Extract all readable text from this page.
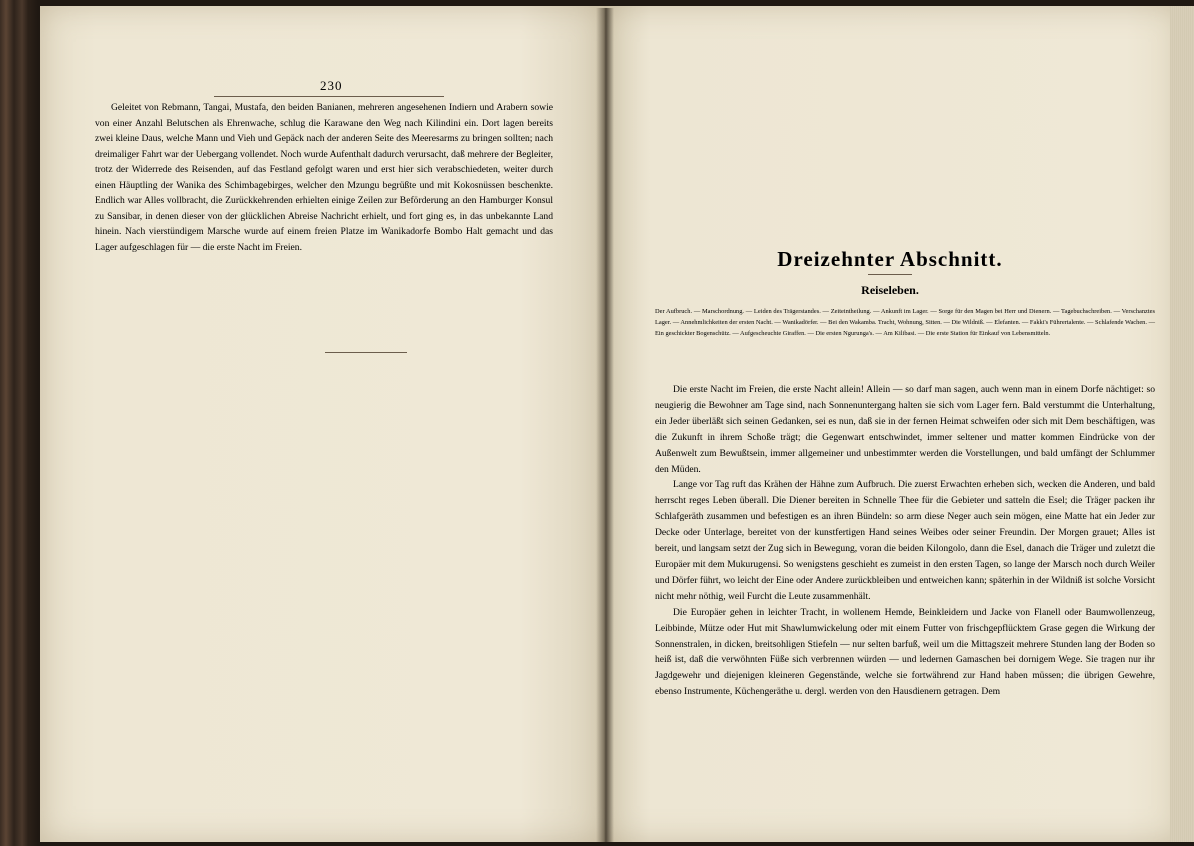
230

Geleitet von Rebmann, Tangai, Mustafa, den beiden Banianen, mehreren angesehenen Indiern und Arabern sowie von einer Anzahl Belutschen als Ehrenwache, schlug die Karawane den Weg nach Kilindini ein. Dort lagen bereits zwei kleine Daus, welche Mann und Vieh und Gepäck nach der anderen Seite des Meeresarms zu bringen sollten; nach dreimaliger Fahrt war der Uebergang vollendet. Noch wurde Aufenthalt dadurch verursacht, daß mehrere der Begleiter, trotz der Widerrede des Reisenden, auf das Festland gefolgt waren und erst hier sich verabschiedeten, weiter durch einen Häuptling der Wanika des Schimbagebirges, welcher den Mzungu begrüßte und mit Kokosnüssen beschenkte. Endlich war Alles vollbracht, die Zurückkehrenden erhielten einige Zeilen zur Beförderung an den Hamburger Konsul zu Sansibar, in denen dieser von der glücklichen Abreise Nachricht erhielt, und fort ging es, in das unbekannte Land hinein. Nach vierstündigem Marsche wurde auf einem freien Platze im Wanikadorfe Bombo Halt gemacht und das Lager aufgeschlagen für — die erste Nacht im Freien.	Dreizehnter Abschnitt.
Reiseleben.

Der Aufbruch. — Marschordnung. — Leiden des Trägerstandes. — Zeiteintheilung. — Ankunft im Lager. — Sorge für den Magen bei Herr und Dienern. — Tagebuchschreiben. — Verschanztes Lager. — Annehmlichkeiten der ersten Nacht. — Wanikadörfer. — Bei den Wakamba. Tracht, Wohnung, Sitten. — Die Wildniß. — Elefanten. — Fakki's Führertalente. — Schlafende Wachen. — Ein geschickter Bogenschütz. — Aufgescheuchte Giraffen. — Die ersten Ngurunga's. — Am Kilibasi. — Die erste Station für Einkauf von Lebensmitteln.

Die erste Nacht im Freien, die erste Nacht allein! Allein — so darf man sagen, auch wenn man in einem Dorfe nächtiget: so neugierig die Bewohner am Tage sind, nach Sonnenuntergang halten sie sich vom Lager fern. Bald verstummt die Unterhaltung, ein Jeder überläßt sich seinen Gedanken, sei es nun, daß sie in der fernen Heimat schweifen oder sich mit Dem beschäftigen, was die Zukunft in ihrem Schoße trägt; die Gegenwart entschwindet, immer seltener und matter kommen Eindrücke von der Außenwelt zum Bewußtsein, immer allgemeiner und unbestimmter werden die Vorstellungen, und bald umfängt der Schlummer den Müden.

Lange vor Tag ruft das Krähen der Hähne zum Aufbruch. Die zuerst Erwachten erheben sich, wecken die Anderen, und bald herrscht reges Leben überall. Die Diener bereiten in Schnelle Thee für die Gebieter und satteln die Esel; die Träger packen ihr Schlafgeräth zusammen und befestigen es an ihren Bündeln: so arm diese Neger auch sein mögen, eine Matte hat ein Jeder zur Decke oder Unterlage, bereitet von der kunstfertigen Hand seines Weibes oder seiner Freundin. Der Morgen grauet; Alles ist bereit, und langsam setzt der Zug sich in Bewegung, voran die beiden Kilongolo, dann die Esel, danach die Träger und zuletzt die Europäer mit dem Mukurugensi. So wenigstens geschieht es zumeist in den ersten Tagen, so lange der Marsch noch durch Weiler und Dörfer führt, wo leicht der Eine oder Andere zurückbleiben und entweichen kann; späterhin in der Wildniß ist solche Vorsicht nicht mehr nöthig, weil Furcht die Leute zusammenhält.

Die Europäer gehen in leichter Tracht, in wollenem Hemde, Beinkleidern und Jacke von Flanell oder Baumwollenzeug, Leibbinde, Mütze oder Hut mit Shawlumwickelung oder mit einem Futter von frischgepflücktem Grase gegen die Wirkung der Sonnenstralen, in dicken, breitsohligen Stiefeln — nur selten barfuß, weil um die Mittagszeit mehrere Stunden lang der Boden so heiß ist, daß die verwöhnten Füße sich verbrennen würden — und ledernen Gamaschen bei dornigem Wege. Sie tragen nur ihr Jagdgewehr und diejenigen kleineren Gegenstände, welche sie fortwährend zur Hand haben müssen; die übrigen Gewehre, ebenso Instrumente, Küchengeräthe u. dergl. werden von den Hausdienern getragen. Dem
